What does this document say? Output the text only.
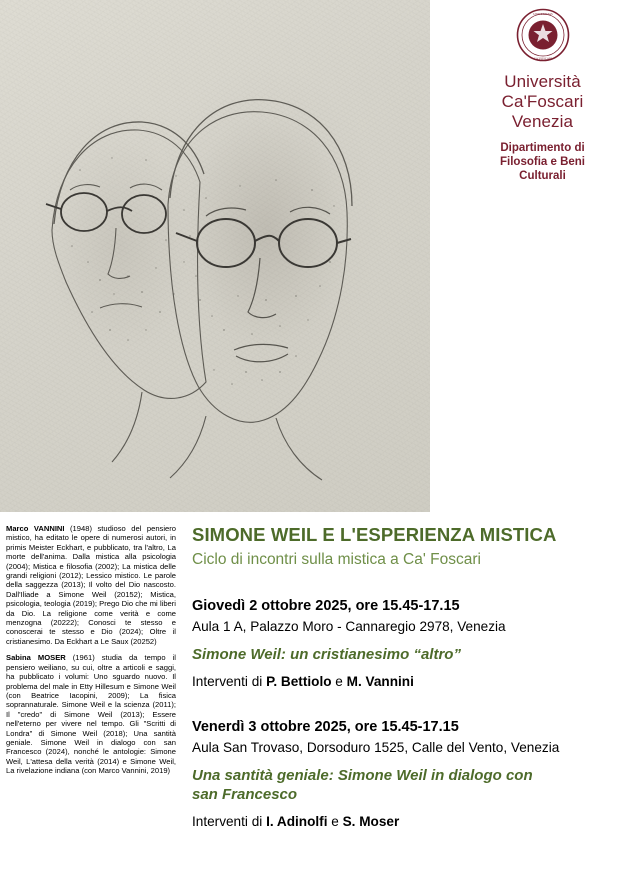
UNIVERSITAS
CA' FOSCARI
Università
Ca'Foscari
Venezia
Dipartimento di
Filosofia e Beni
Culturali

Marco VANNINI (1948) studioso del pensiero mistico, ha editato le opere di numerosi autori, in primis Meister Eckhart, e pubblicato, tra l'altro, La morte dell'anima. Dalla mistica alla psicologia (2004); Mistica e filosofia (2002); La mistica delle grandi religioni (2012); Lessico mistico. Le parole della saggezza (2013); Il volto del Dio nascosto. Dall'Iliade a Simone Weil (20152); Mistica, psicologia, teologia (2019); Prego Dio che mi liberi da Dio. La religione come verità e come menzogna (20222); Conosci te stesso e conoscerai te stesso e Dio (2024); Oltre il cristianesimo. Da Eckhart a Le Saux (20252)

Sabina MOSER (1961) studia da tempo il pensiero weiliano, su cui, oltre a articoli e saggi, ha pubblicato i volumi: Uno sguardo nuovo. Il problema del male in Etty Hillesum e Simone Weil (con Beatrice Iacopini, 2009); La fisica soprannaturale. Simone Weil e la scienza (2011); Il "credo" di Simone Weil (2013); Essere nell'eterno per vivere nel tempo. Gli "Scritti di Londra" di Simone Weil (2018); Una santità geniale. Simone Weil in dialogo con san Francesco (2024), nonché le antologie: Simone Weil, L'attesa della verità (2014) e Simone Weil, La rivelazione indiana (con Marco Vannini, 2019)

SIMONE WEIL E L'ESPERIENZA MISTICA
Ciclo di incontri sulla mistica a Ca' Foscari
Giovedì 2 ottobre 2025, ore 15.45-17.15
Aula 1 A, Palazzo Moro - Cannaregio 2978, Venezia
Simone Weil: un cristianesimo “altro”
Interventi di P. Bettiolo e M. Vannini
Venerdì 3 ottobre 2025, ore 15.45-17.15
Aula San Trovaso, Dorsoduro 1525, Calle del Vento, Venezia
Una santità geniale: Simone Weil in dialogo con
san Francesco
Interventi di I. Adinolfi e S. Moser
